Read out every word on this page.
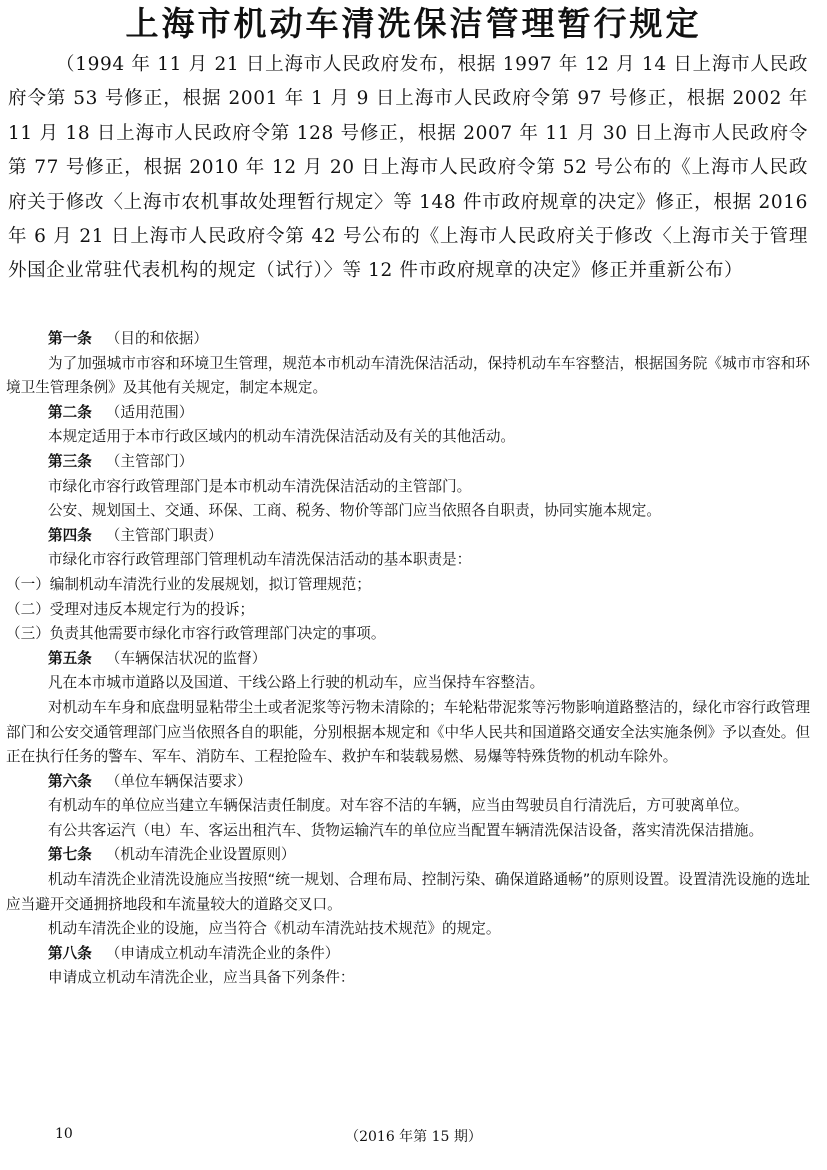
上海市机动车清洗保洁管理暂行规定
（1994 年 11 月 21 日上海市人民政府发布，根据 1997 年 12 月 14 日上海市人民政府令第 53 号修正，根据 2001 年 1 月 9 日上海市人民政府令第 97 号修正，根据 2002 年 11 月 18 日上海市人民政府令第 128 号修正，根据 2007 年 11 月 30 日上海市人民政府令第 77 号修正，根据 2010 年 12 月 20 日上海市人民政府令第 52 号公布的《上海市人民政府关于修改〈上海市农机事故处理暂行规定〉等 148 件市政府规章的决定》修正，根据 2016 年 6 月 21 日上海市人民政府令第 42 号公布的《上海市人民政府关于修改〈上海市关于管理外国企业常驻代表机构的规定（试行）〉等 12 件市政府规章的决定》修正并重新公布）
第一条 （目的和依据）
为了加强城市市容和环境卫生管理，规范本市机动车清洗保洁活动，保持机动车车容整洁，根据国务院《城市市容和环境卫生管理条例》及其他有关规定，制定本规定。
第二条 （适用范围）
本规定适用于本市行政区域内的机动车清洗保洁活动及有关的其他活动。
第三条 （主管部门）
市绿化市容行政管理部门是本市机动车清洗保洁活动的主管部门。
公安、规划国土、交通、环保、工商、税务、物价等部门应当依照各自职责，协同实施本规定。
第四条 （主管部门职责）
市绿化市容行政管理部门管理机动车清洗保洁活动的基本职责是：
（一）编制机动车清洗行业的发展规划，拟订管理规范；
（二）受理对违反本规定行为的投诉；
（三）负责其他需要市绿化市容行政管理部门决定的事项。
第五条 （车辆保洁状况的监督）
凡在本市城市道路以及国道、干线公路上行驶的机动车，应当保持车容整洁。
对机动车车身和底盘明显粘带尘土或者泥浆等污物未清除的；车轮粘带泥浆等污物影响道路整洁的，绿化市容行政管理部门和公安交通管理部门应当依照各自的职能，分别根据本规定和《中华人民共和国道路交通安全法实施条例》予以查处。但正在执行任务的警车、军车、消防车、工程抢险车、救护车和装载易燃、易爆等特殊货物的机动车除外。
第六条 （单位车辆保洁要求）
有机动车的单位应当建立车辆保洁责任制度。对车容不洁的车辆，应当由驾驶员自行清洗后，方可驶离单位。
有公共客运汽（电）车、客运出租汽车、货物运输汽车的单位应当配置车辆清洗保洁设备，落实清洗保洁措施。
第七条 （机动车清洗企业设置原则）
机动车清洗企业清洗设施应当按照“统一规划、合理布局、控制污染、确保道路通畅”的原则设置。设置清洗设施的选址应当避开交通拥挤地段和车流量较大的道路交叉口。
机动车清洗企业的设施，应当符合《机动车清洗站技术规范》的规定。
第八条 （申请成立机动车清洗企业的条件）
申请成立机动车清洗企业，应当具备下列条件：
10	（2016 年第 15 期）
